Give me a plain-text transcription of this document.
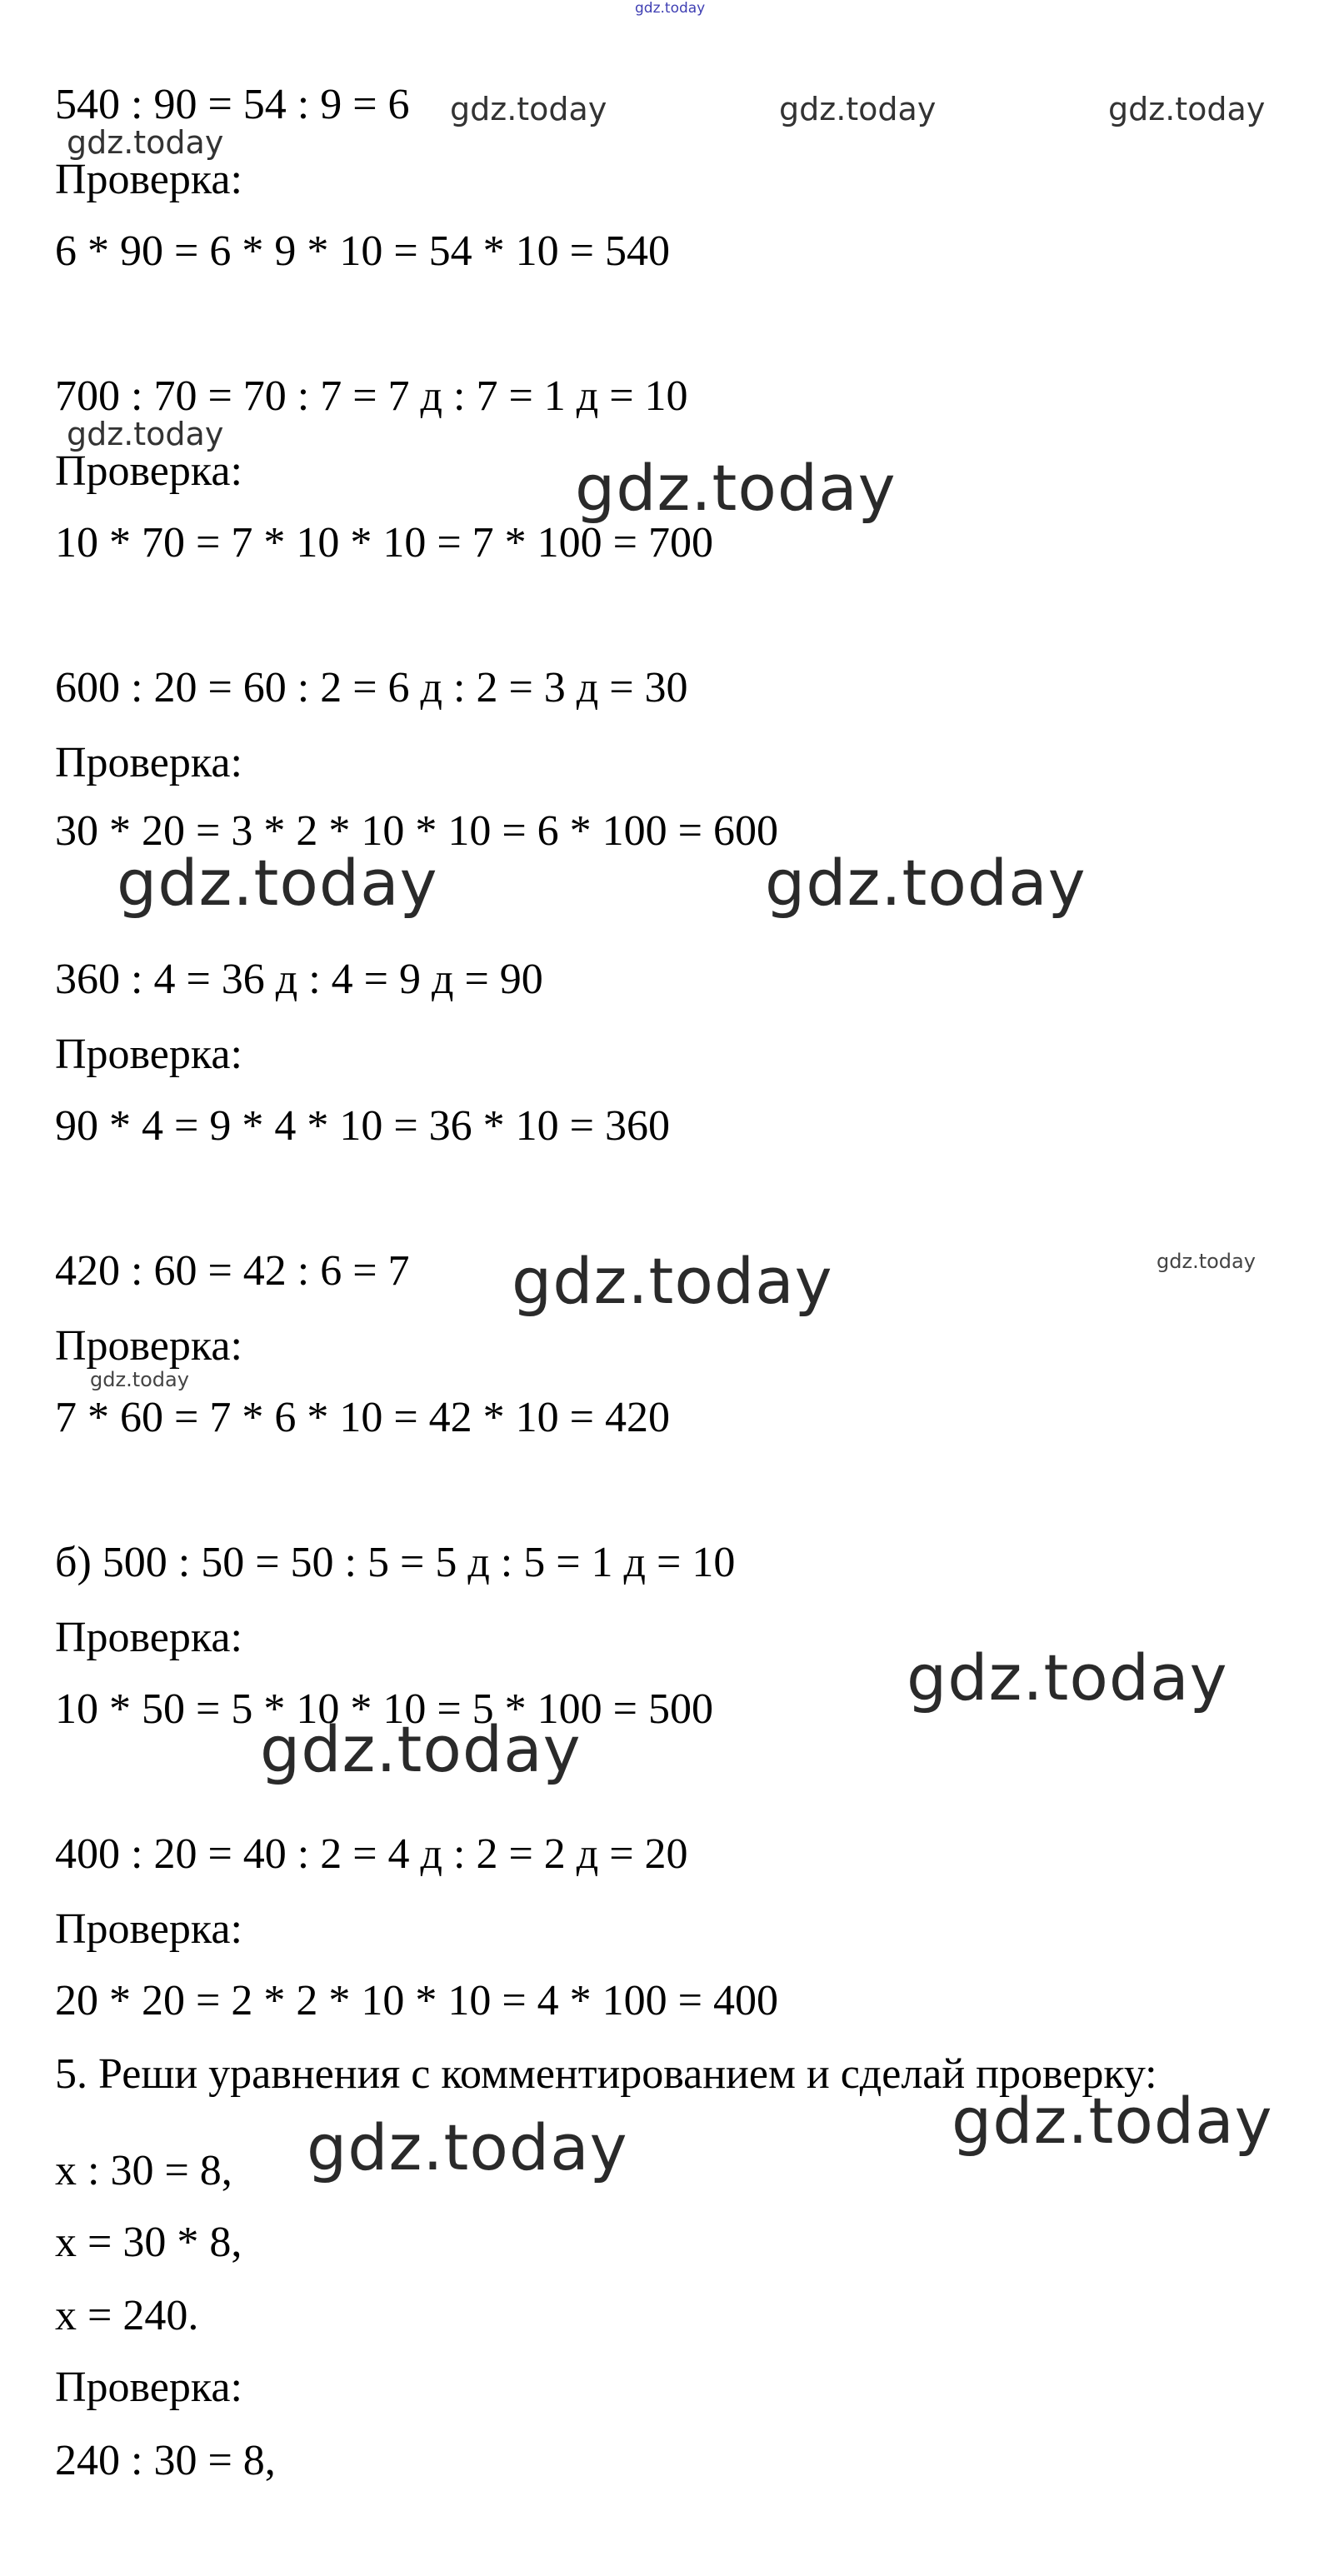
gdz.today
540 : 90 = 54 : 9 = 6
Проверка:
6 * 90 = 6 * 9 * 10 = 54 * 10 = 540
700 : 70 = 70 : 7 = 7 д : 7 = 1 д = 10
Проверка:
10 * 70 = 7 * 10 * 10 = 7 * 100 = 700
600 : 20 = 60 : 2 = 6 д : 2 = 3 д = 30
Проверка:
30 * 20 = 3 * 2 * 10 * 10 = 6 * 100 = 600
360 : 4 = 36 д : 4 = 9 д = 90
Проверка:
90 * 4 = 9 * 4 * 10 = 36 * 10 = 360
420 : 60 = 42 : 6 = 7
Проверка:
7 * 60 = 7 * 6 * 10 = 42 * 10 = 420
б) 500 : 50 = 50 : 5 = 5 д : 5 = 1 д = 10
Проверка:
10 * 50 = 5 * 10 * 10 = 5 * 100 = 500
400 : 20 = 40 : 2 = 4 д : 2 = 2 д = 20
Проверка:
20 * 20 = 2 * 2 * 10 * 10 = 4 * 100 = 400
5. Реши уравнения с комментированием и сделай проверку:
x : 30 = 8,
x = 30 * 8,
x = 240.
Проверка:
240 : 30 = 8,
gdz.today	gdz.today	gdz.today
gdz.today
gdz.today
gdz.today
gdz.today	gdz.today
gdz.today	gdz.today
gdz.today
gdz.today
gdz.today
gdz.today
gdz.today
